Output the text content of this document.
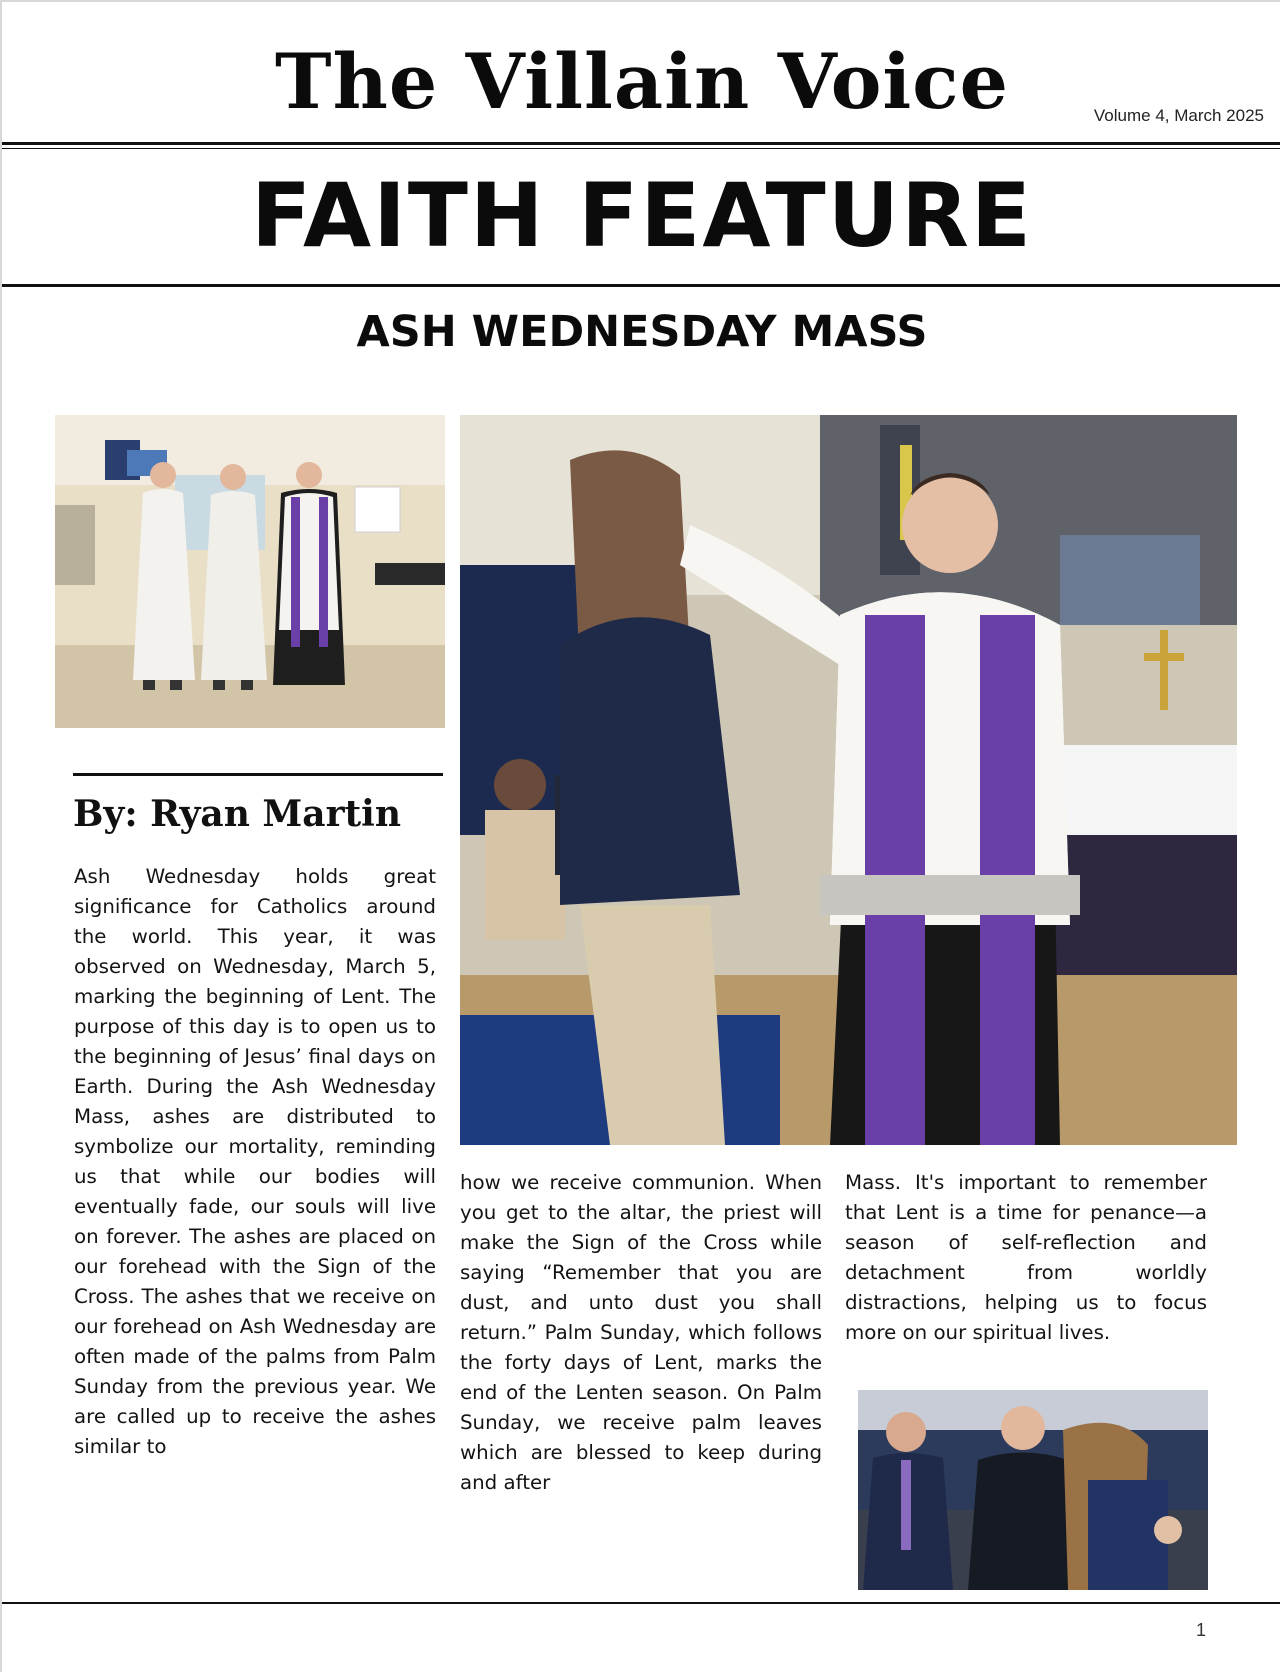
The Villain Voice	Volume 4, March 2025
FAITH FEATURE
ASH WEDNESDAY MASS
By: Ryan Martin

Ash Wednesday holds great significance for Catholics around the world. This year, it was observed on Wednesday, March 5, marking the beginning of Lent. The purpose of this day is to open us to the beginning of Jesus’ final days on Earth. During the Ash Wednesday Mass, ashes are distributed to symbolize our mortality, reminding us that while our bodies will eventually fade, our souls will live on forever. The ashes are placed on our forehead with the Sign of the Cross. The ashes that we receive on our forehead on Ash Wednesday are often made of the palms from Palm Sunday from the previous year. We are called up to receive the ashes similar to

how we receive communion. When you get to the altar, the priest will make the Sign of the Cross while saying “Remember that you are dust, and unto dust you shall return.” Palm Sunday, which follows the forty days of Lent, marks the end of the Lenten season. On Palm Sunday, we receive palm leaves which are blessed to keep during and after

Mass. It's important to remember that Lent is a time for penance—a season of self-reflection and detachment from worldly distractions, helping us to focus more on our spiritual lives.

1
